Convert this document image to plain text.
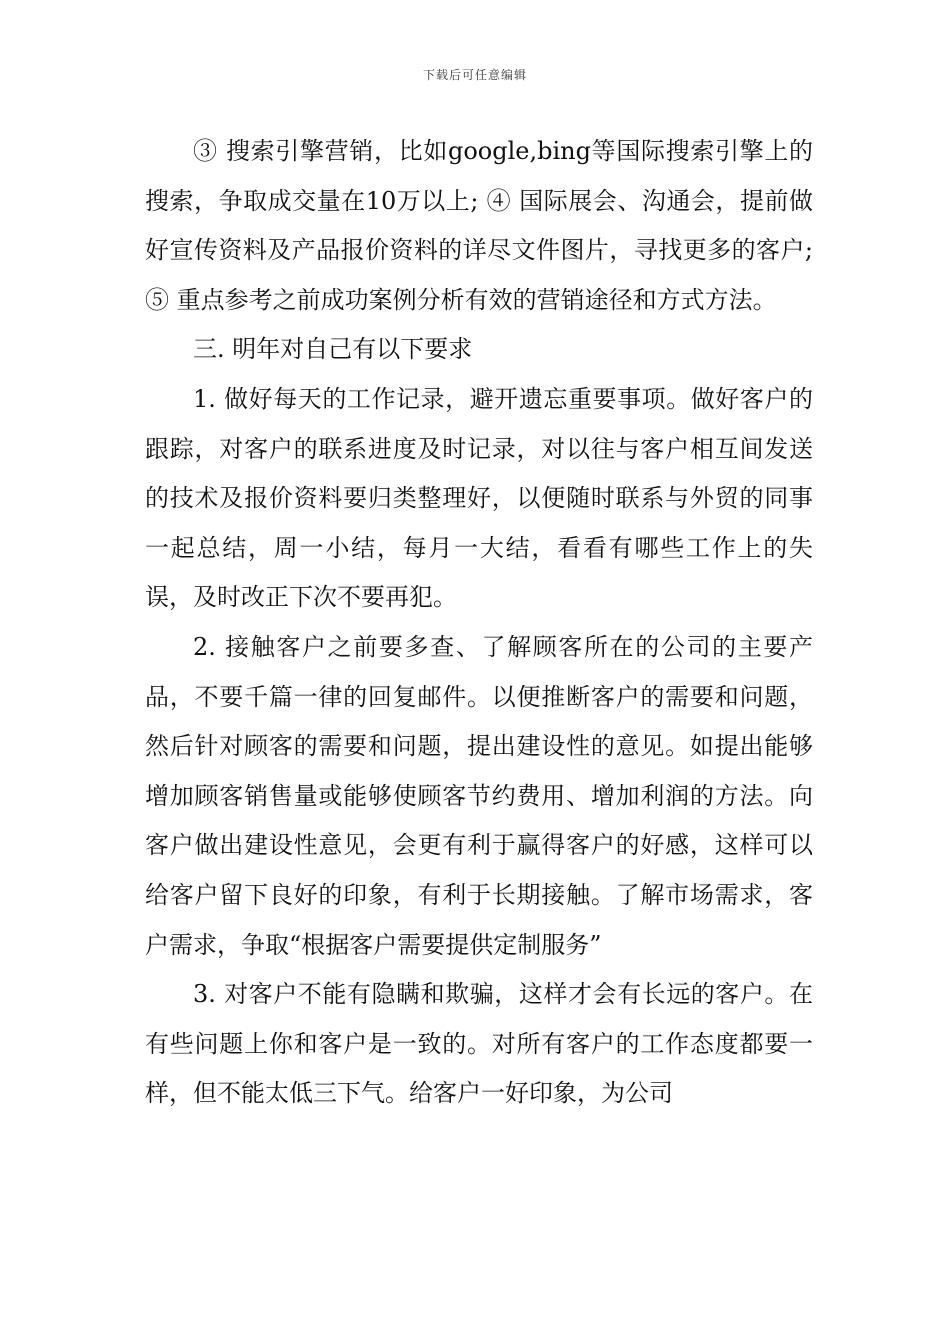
下载后可任意编辑

③ 搜索引擎营销，比如google,bing等国际搜索引擎上的搜索，争取成交量在10万以上; ④ 国际展会、沟通会，提前做好宣传资料及产品报价资料的详尽文件图片，寻找更多的客户; ⑤ 重点参考之前成功案例分析有效的营销途径和方式方法。

三. 明年对自己有以下要求

1. 做好每天的工作记录，避开遗忘重要事项。做好客户的跟踪，对客户的联系进度及时记录，对以往与客户相互间发送的技术及报价资料要归类整理好，以便随时联系与外贸的同事一起总结，周一小结，每月一大结，看看有哪些工作上的失误，及时改正下次不要再犯。

2. 接触客户之前要多查、了解顾客所在的公司的主要产品，不要千篇一律的回复邮件。以便推断客户的需要和问题，然后针对顾客的需要和问题，提出建设性的意见。如提出能够增加顾客销售量或能够使顾客节约费用、增加利润的方法。向客户做出建设性意见，会更有利于赢得客户的好感，这样可以给客户留下良好的印象，有利于长期接触。了解市场需求，客户需求，争取“根据客户需要提供定制服务”

3. 对客户不能有隐瞒和欺骗，这样才会有长远的客户。在有些问题上你和客户是一致的。对所有客户的工作态度都要一样，但不能太低三下气。给客户一好印象，为公司
